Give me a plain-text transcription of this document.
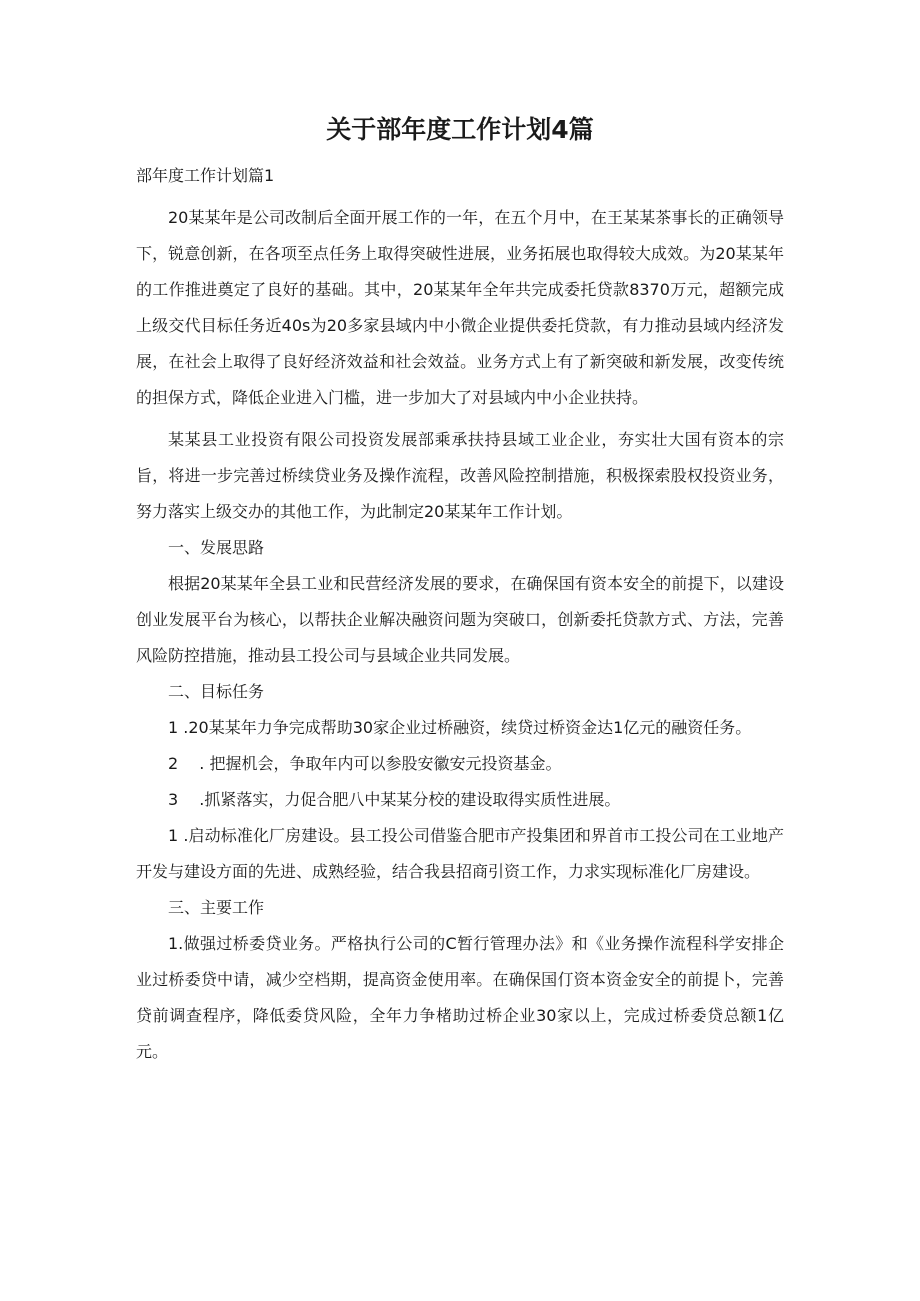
关于部年度工作计划4篇

部年度工作计划篇1

20某某年是公司改制后全面开展工作的一年，在五个月中，在王某某茶事长的正确领导下，锐意创新，在各项至点任务上取得突破性进展，业务拓展也取得较大成效。为20某某年的工作推进奠定了良好的基础。其中，20某某年全年共完成委托贷款8370万元，超额完成上级交代目标任务近40s为20多家县域内中小微企业提供委托贷款，有力推动县域内经济发展，在社会上取得了良好经济效益和社会效益。业务方式上有了新突破和新发展，改变传统的担保方式，降低企业进入门槛，进一步加大了对县域内中小企业扶持。

某某县工业投资有限公司投资发展部乘承扶持县域工业企业，夯实壮大国有资本的宗旨，将进一步完善过桥续贷业务及操作流程，改善风险控制措施，积极探索股权投资业务，努力落实上级交办的其他工作，为此制定20某某年工作计划。

一、发展思路

根据20某某年全县工业和民营经济发展的要求，在确保国有资本安全的前提下，以建设创业发展平台为核心，以帮扶企业解决融资问题为突破口，创新委托贷款方式、方法，完善风险防控措施，推动县工投公司与县域企业共同发展。

二、目标任务

1 .20某某年力争完成帮助30家企业过桥融资，续贷过桥资金达1亿元的融资任务。

2　 . 把握机会，争取年内可以参股安徽安元投资基金。

3　 .抓紧落实，力促合肥八中某某分校的建设取得实质性进展。

1 .启动标准化厂房建设。县工投公司借鉴合肥市产投集团和界首市工投公司在工业地产开发与建设方面的先进、成熟经验，结合我县招商引资工作，力求实现标准化厂房建设。

三、主要工作

1.做强过桥委贷业务。严格执行公司的C暂行管理办法》和《业务操作流程科学安排企业过桥委贷中请，减少空档期，提高资金使用率。在确保国仃资本资金安全的前提卜，完善贷前调查程序，降低委贷风险，全年力争楮助过桥企业30家以上，完成过桥委贷总额1亿元。
